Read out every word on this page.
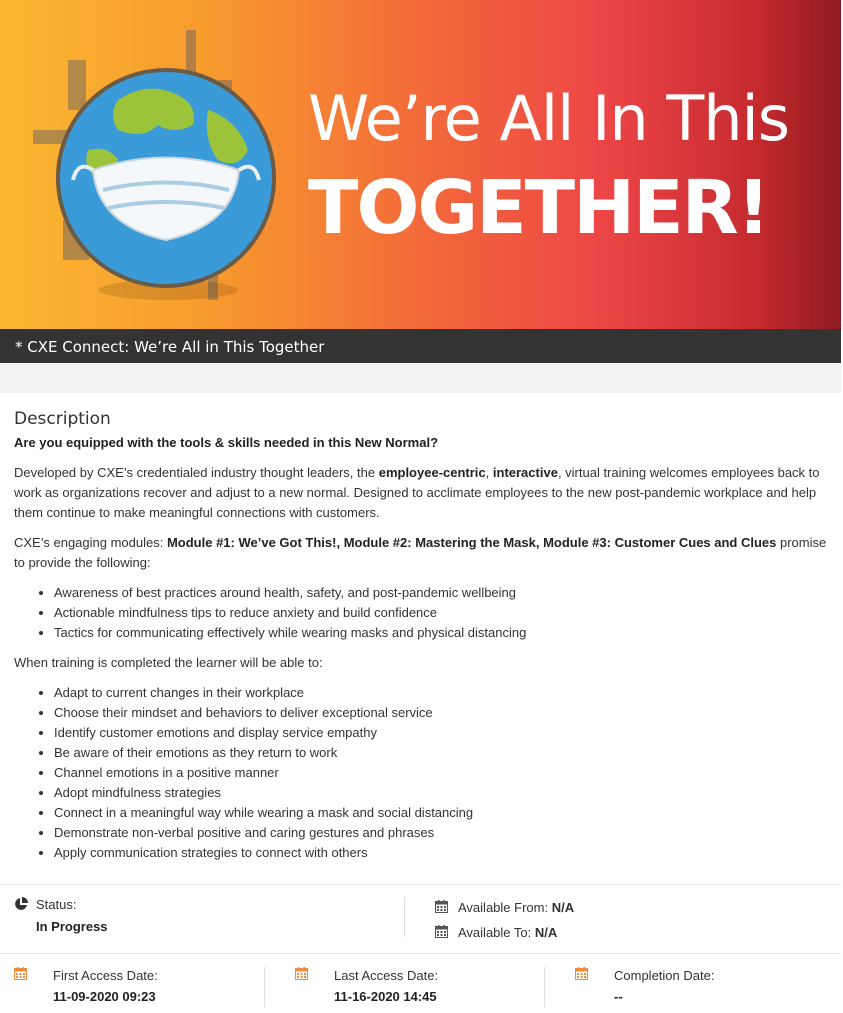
We’re All In This
TOGETHER!
* CXE Connect: We’re All in This Together
Description

Are you equipped with the tools & skills needed in this New Normal?

Developed by CXE’s credentialed industry thought leaders, the employee-centric, interactive, virtual training welcomes employees back to work as organizations recover and adjust to a new normal. Designed to acclimate employees to the new post-pandemic workplace and help them continue to make meaningful connections with customers.

CXE’s engaging modules: Module #1: We’ve Got This!, Module #2: Mastering the Mask, Module #3: Customer Cues and Clues promise to provide the following:

• Awareness of best practices around health, safety, and post-pandemic wellbeing
• Actionable mindfulness tips to reduce anxiety and build confidence
• Tactics for communicating effectively while wearing masks and physical distancing

When training is completed the learner will be able to:

• Adapt to current changes in their workplace
• Choose their mindset and behaviors to deliver exceptional service
• Identify customer emotions and display service empathy
• Be aware of their emotions as they return to work
• Channel emotions in a positive manner
• Adopt mindfulness strategies
• Connect in a meaningful way while wearing a mask and social distancing
• Demonstrate non-verbal positive and caring gestures and phrases
• Apply communication strategies to connect with others
Status:
In Progress
Available From: N/A
Available To: N/A
First Access Date:
11-09-2020 09:23
Last Access Date:
11-16-2020 14:45
Completion Date:
--
